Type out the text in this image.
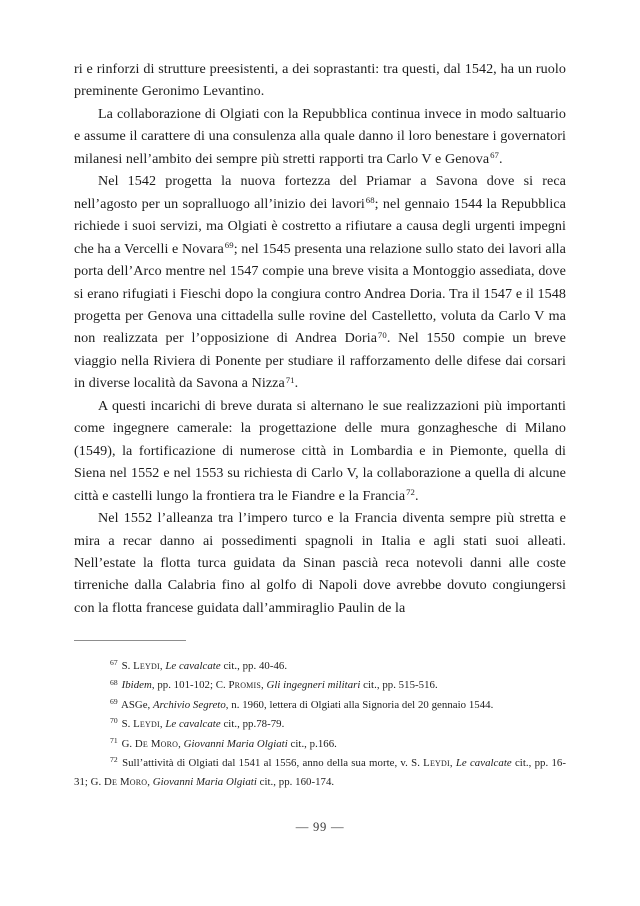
ri e rinforzi di strutture preesistenti, a dei soprastanti: tra questi, dal 1542, ha un ruolo preminente Geronimo Levantino.

La collaborazione di Olgiati con la Repubblica continua invece in modo saltuario e assume il carattere di una consulenza alla quale danno il loro benestare i governatori milanesi nell’ambito dei sempre più stretti rapporti tra Carlo V e Genova$^{67}$.

Nel 1542 progetta la nuova fortezza del Priamar a Savona dove si reca nell’agosto per un sopralluogo all’inizio dei lavori$^{68}$; nel gennaio 1544 la Repubblica richiede i suoi servizi, ma Olgiati è costretto a rifiutare a causa degli urgenti impegni che ha a Vercelli e Novara$^{69}$; nel 1545 presenta una relazione sullo stato dei lavori alla porta dell’Arco mentre nel 1547 compie una breve visita a Montoggio assediata, dove si erano rifugiati i Fieschi dopo la congiura contro Andrea Doria. Tra il 1547 e il 1548 progetta per Genova una cittadella sulle rovine del Castelletto, voluta da Carlo V ma non realizzata per l’opposizione di Andrea Doria$^{70}$. Nel 1550 compie un breve viaggio nella Riviera di Ponente per studiare il rafforzamento delle difese dai corsari in diverse località da Savona a Nizza$^{71}$.

A questi incarichi di breve durata si alternano le sue realizzazioni più importanti come ingegnere camerale: la progettazione delle mura gonzaghesche di Milano (1549), la fortificazione di numerose città in Lombardia e in Piemonte, quella di Siena nel 1552 e nel 1553 su richiesta di Carlo V, la collaborazione a quella di alcune città e castelli lungo la frontiera tra le Fiandre e la Francia$^{72}$.

Nel 1552 l’alleanza tra l’impero turco e la Francia diventa sempre più stretta e mira a recar danno ai possedimenti spagnoli in Italia e agli stati suoi alleati. Nell’estate la flotta turca guidata da Sinan pascià reca notevoli danni alle coste tirreniche dalla Calabria fino al golfo di Napoli dove avrebbe dovuto congiungersi con la flotta francese guidata dall’ammiraglio Paulin de la

$^{67}$ S. Leydi, Le cavalcate cit., pp. 40-46.

$^{68}$ Ibidem, pp. 101-102; C. Promis, Gli ingegneri militari cit., pp. 515-516.

$^{69}$ ASGe, Archivio Segreto, n. 1960, lettera di Olgiati alla Signoria del 20 gennaio 1544.

$^{70}$ S. Leydi, Le cavalcate cit., pp.78-79.

$^{71}$ G. De Moro, Giovanni Maria Olgiati cit., p.166.

$^{72}$ Sull’attività di Olgiati dal 1541 al 1556, anno della sua morte, v. S. Leydi, Le cavalcate cit., pp. 16-31; G. De Moro, Giovanni Maria Olgiati cit., pp. 160-174.

— 99 —
